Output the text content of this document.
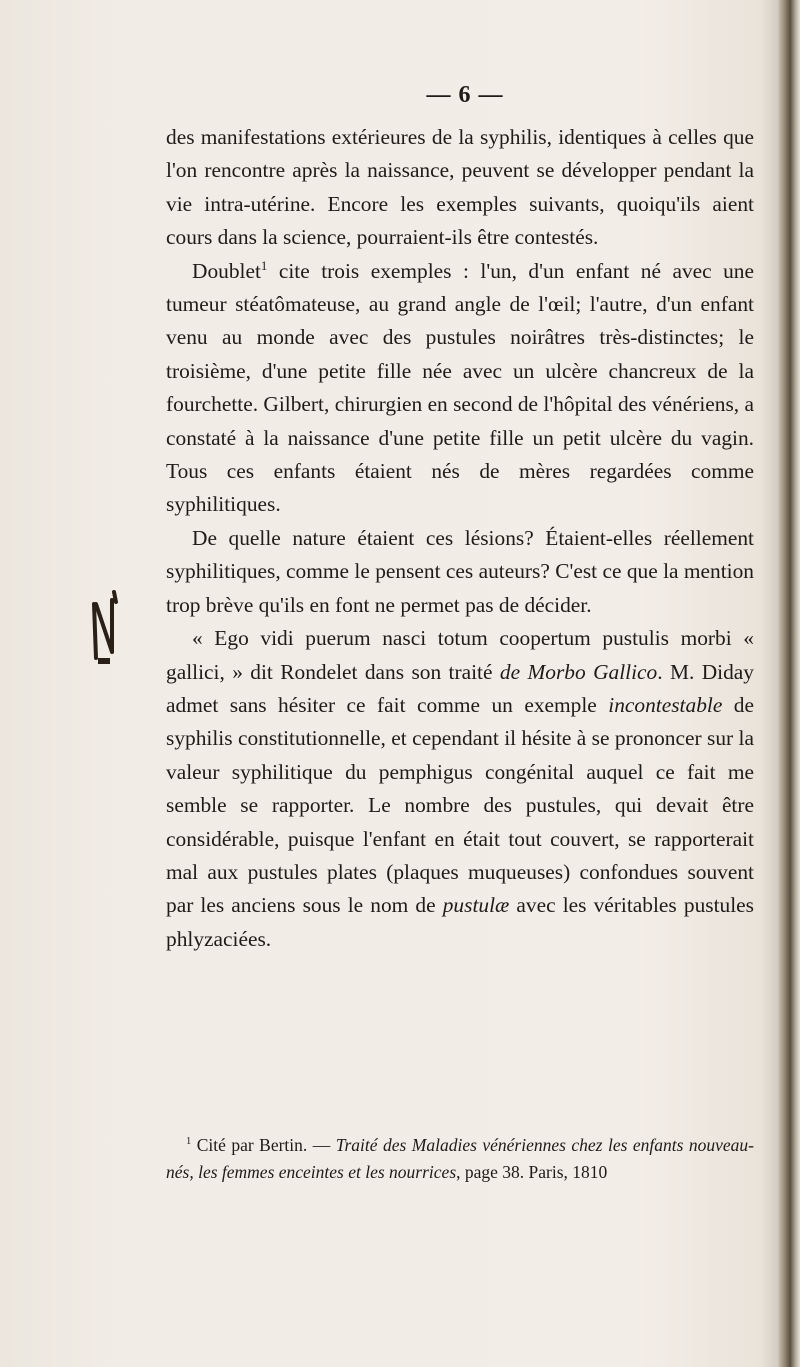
— 6 —

des manifestations extérieures de la syphilis, identiques à celles que l'on rencontre après la naissance, peuvent se développer pendant la vie intra-utérine. Encore les exemples suivants, quoiqu'ils aient cours dans la science, pourraient-ils être contestés.

Doublet$^1$ cite trois exemples : l'un, d'un enfant né avec une tumeur stéatômateuse, au grand angle de l'œil; l'autre, d'un enfant venu au monde avec des pustules noirâtres très-distinctes; le troisième, d'une petite fille née avec un ulcère chancreux de la fourchette. Gilbert, chirurgien en second de l'hôpital des vénériens, a constaté à la naissance d'une petite fille un petit ulcère du vagin. Tous ces enfants étaient nés de mères regardées comme syphilitiques.

De quelle nature étaient ces lésions? Étaient-elles réellement syphilitiques, comme le pensent ces auteurs? C'est ce que la mention trop brève qu'ils en font ne permet pas de décider.

« Ego vidi puerum nasci totum coopertum pustulis morbi « gallici, » dit Rondelet dans son traité de Morbo Gallico. M. Diday admet sans hésiter ce fait comme un exemple incontestable de syphilis constitutionnelle, et cependant il hésite à se prononcer sur la valeur syphilitique du pemphigus congénital auquel ce fait me semble se rapporter. Le nombre des pustules, qui devait être considérable, puisque l'enfant en était tout couvert, se rapporterait mal aux pustules plates (plaques muqueuses) confondues souvent par les anciens sous le nom de pustulæ avec les véritables pustules phlyzaciées.

$^1$ Cité par Bertin. — Traité des Maladies vénériennes chez les enfants nouveau-nés, les femmes enceintes et les nourrices, page 38. Paris, 1810
